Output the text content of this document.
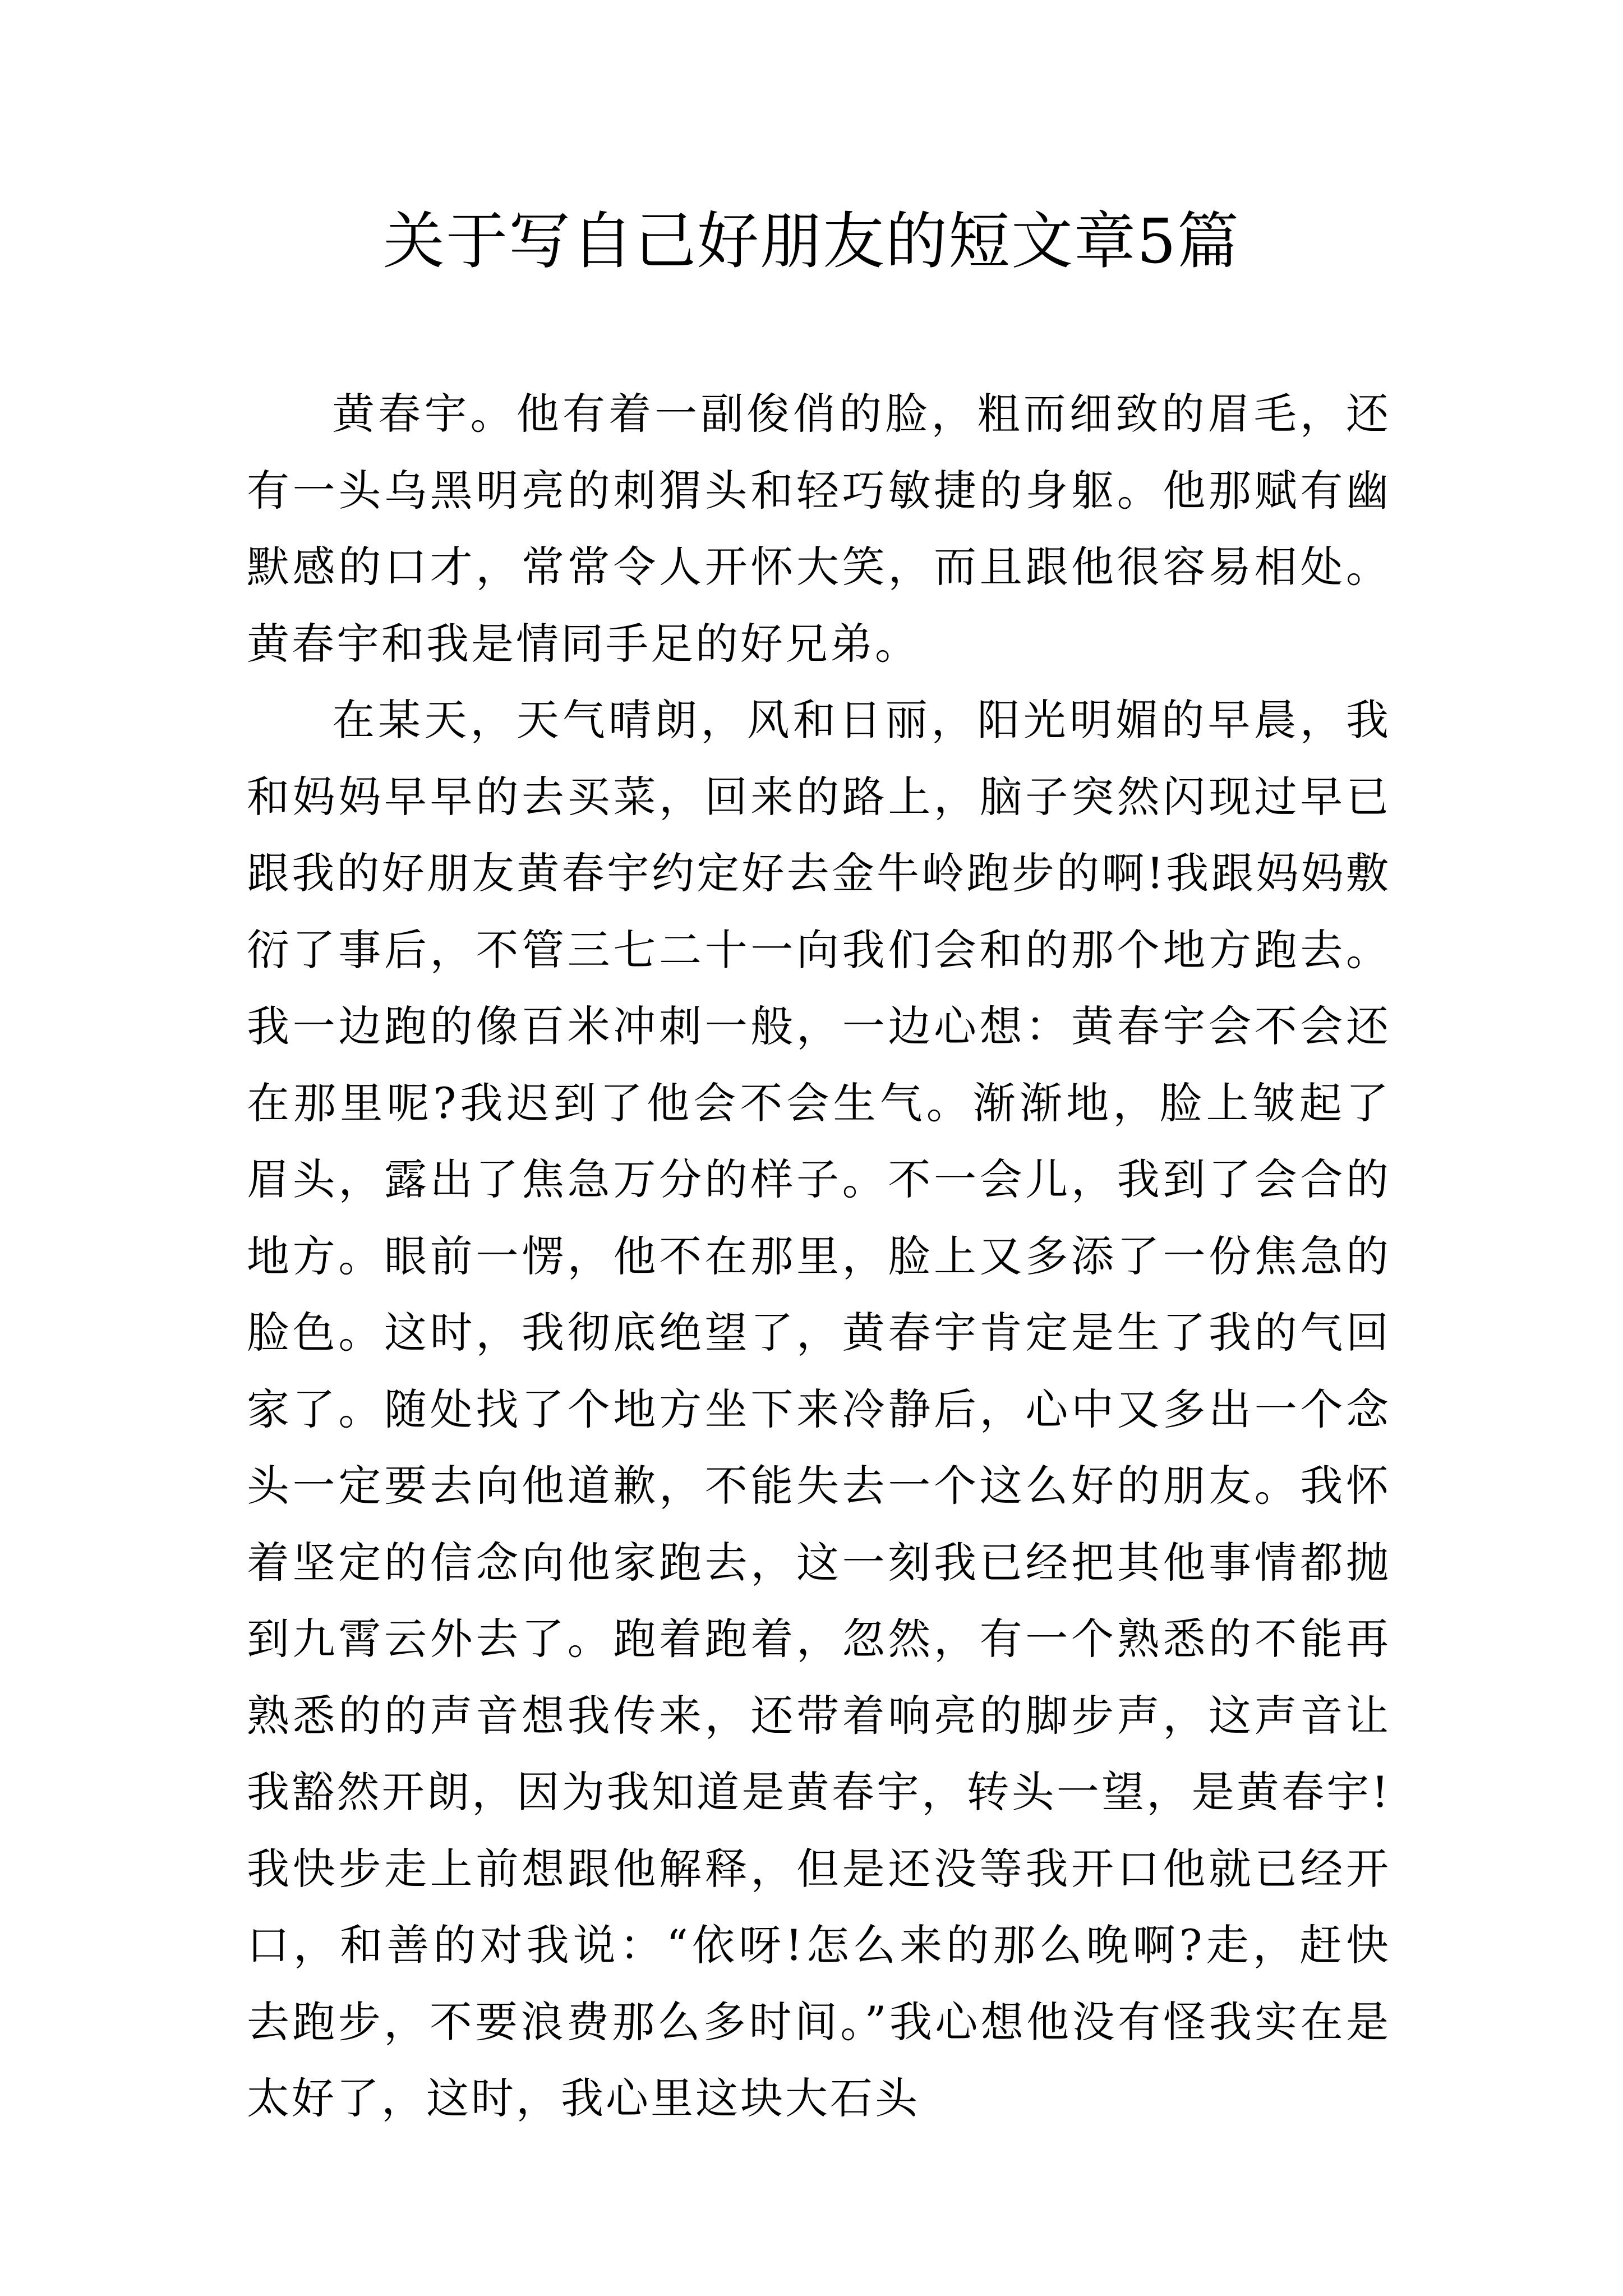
关于写自己好朋友的短文章5篇

黄春宇。他有着一副俊俏的脸，粗而细致的眉毛，还有一头乌黑明亮的刺猬头和轻巧敏捷的身躯。他那赋有幽默感的口才，常常令人开怀大笑，而且跟他很容易相处。 黄春宇和我是情同手足的好兄弟。

在某天，天气晴朗，风和日丽，阳光明媚的早晨，我和妈妈早早的去买菜，回来的路上，脑子突然闪现过早已跟我的好朋友黄春宇约定好去金牛岭跑步的啊!我跟妈妈敷衍了事后，不管三七二十一向我们会和的那个地方跑去。 我一边跑的像百米冲刺一般，一边心想：黄春宇会不会还在那里呢?我迟到了他会不会生气。渐渐地，脸上皱起了眉头，露出了焦急万分的样子。不一会儿，我到了会合的地方。眼前一愣，他不在那里，脸上又多添了一份焦急的脸色。这时，我彻底绝望了，黄春宇肯定是生了我的气回家了。随处找了个地方坐下来冷静后，心中又多出一个念头一定要去向他道歉，不能失去一个这么好的朋友。我怀着坚定的信念向他家跑去，这一刻我已经把其他事情都抛到九霄云外去了。跑着跑着，忽然，有一个熟悉的不能再熟悉的的声音想我传来，还带着响亮的脚步声，这声音让我豁然开朗，因为我知道是黄春宇，转头一望，是黄春宇!我快步走上前想跟他解释，但是还没等我开口他就已经开口，和善的对我说：“依呀!怎么来的那么晚啊?走，赶快去跑步，不要浪费那么多时间。”我心想他没有怪我实在是太好了，这时，我心里这块大石头
